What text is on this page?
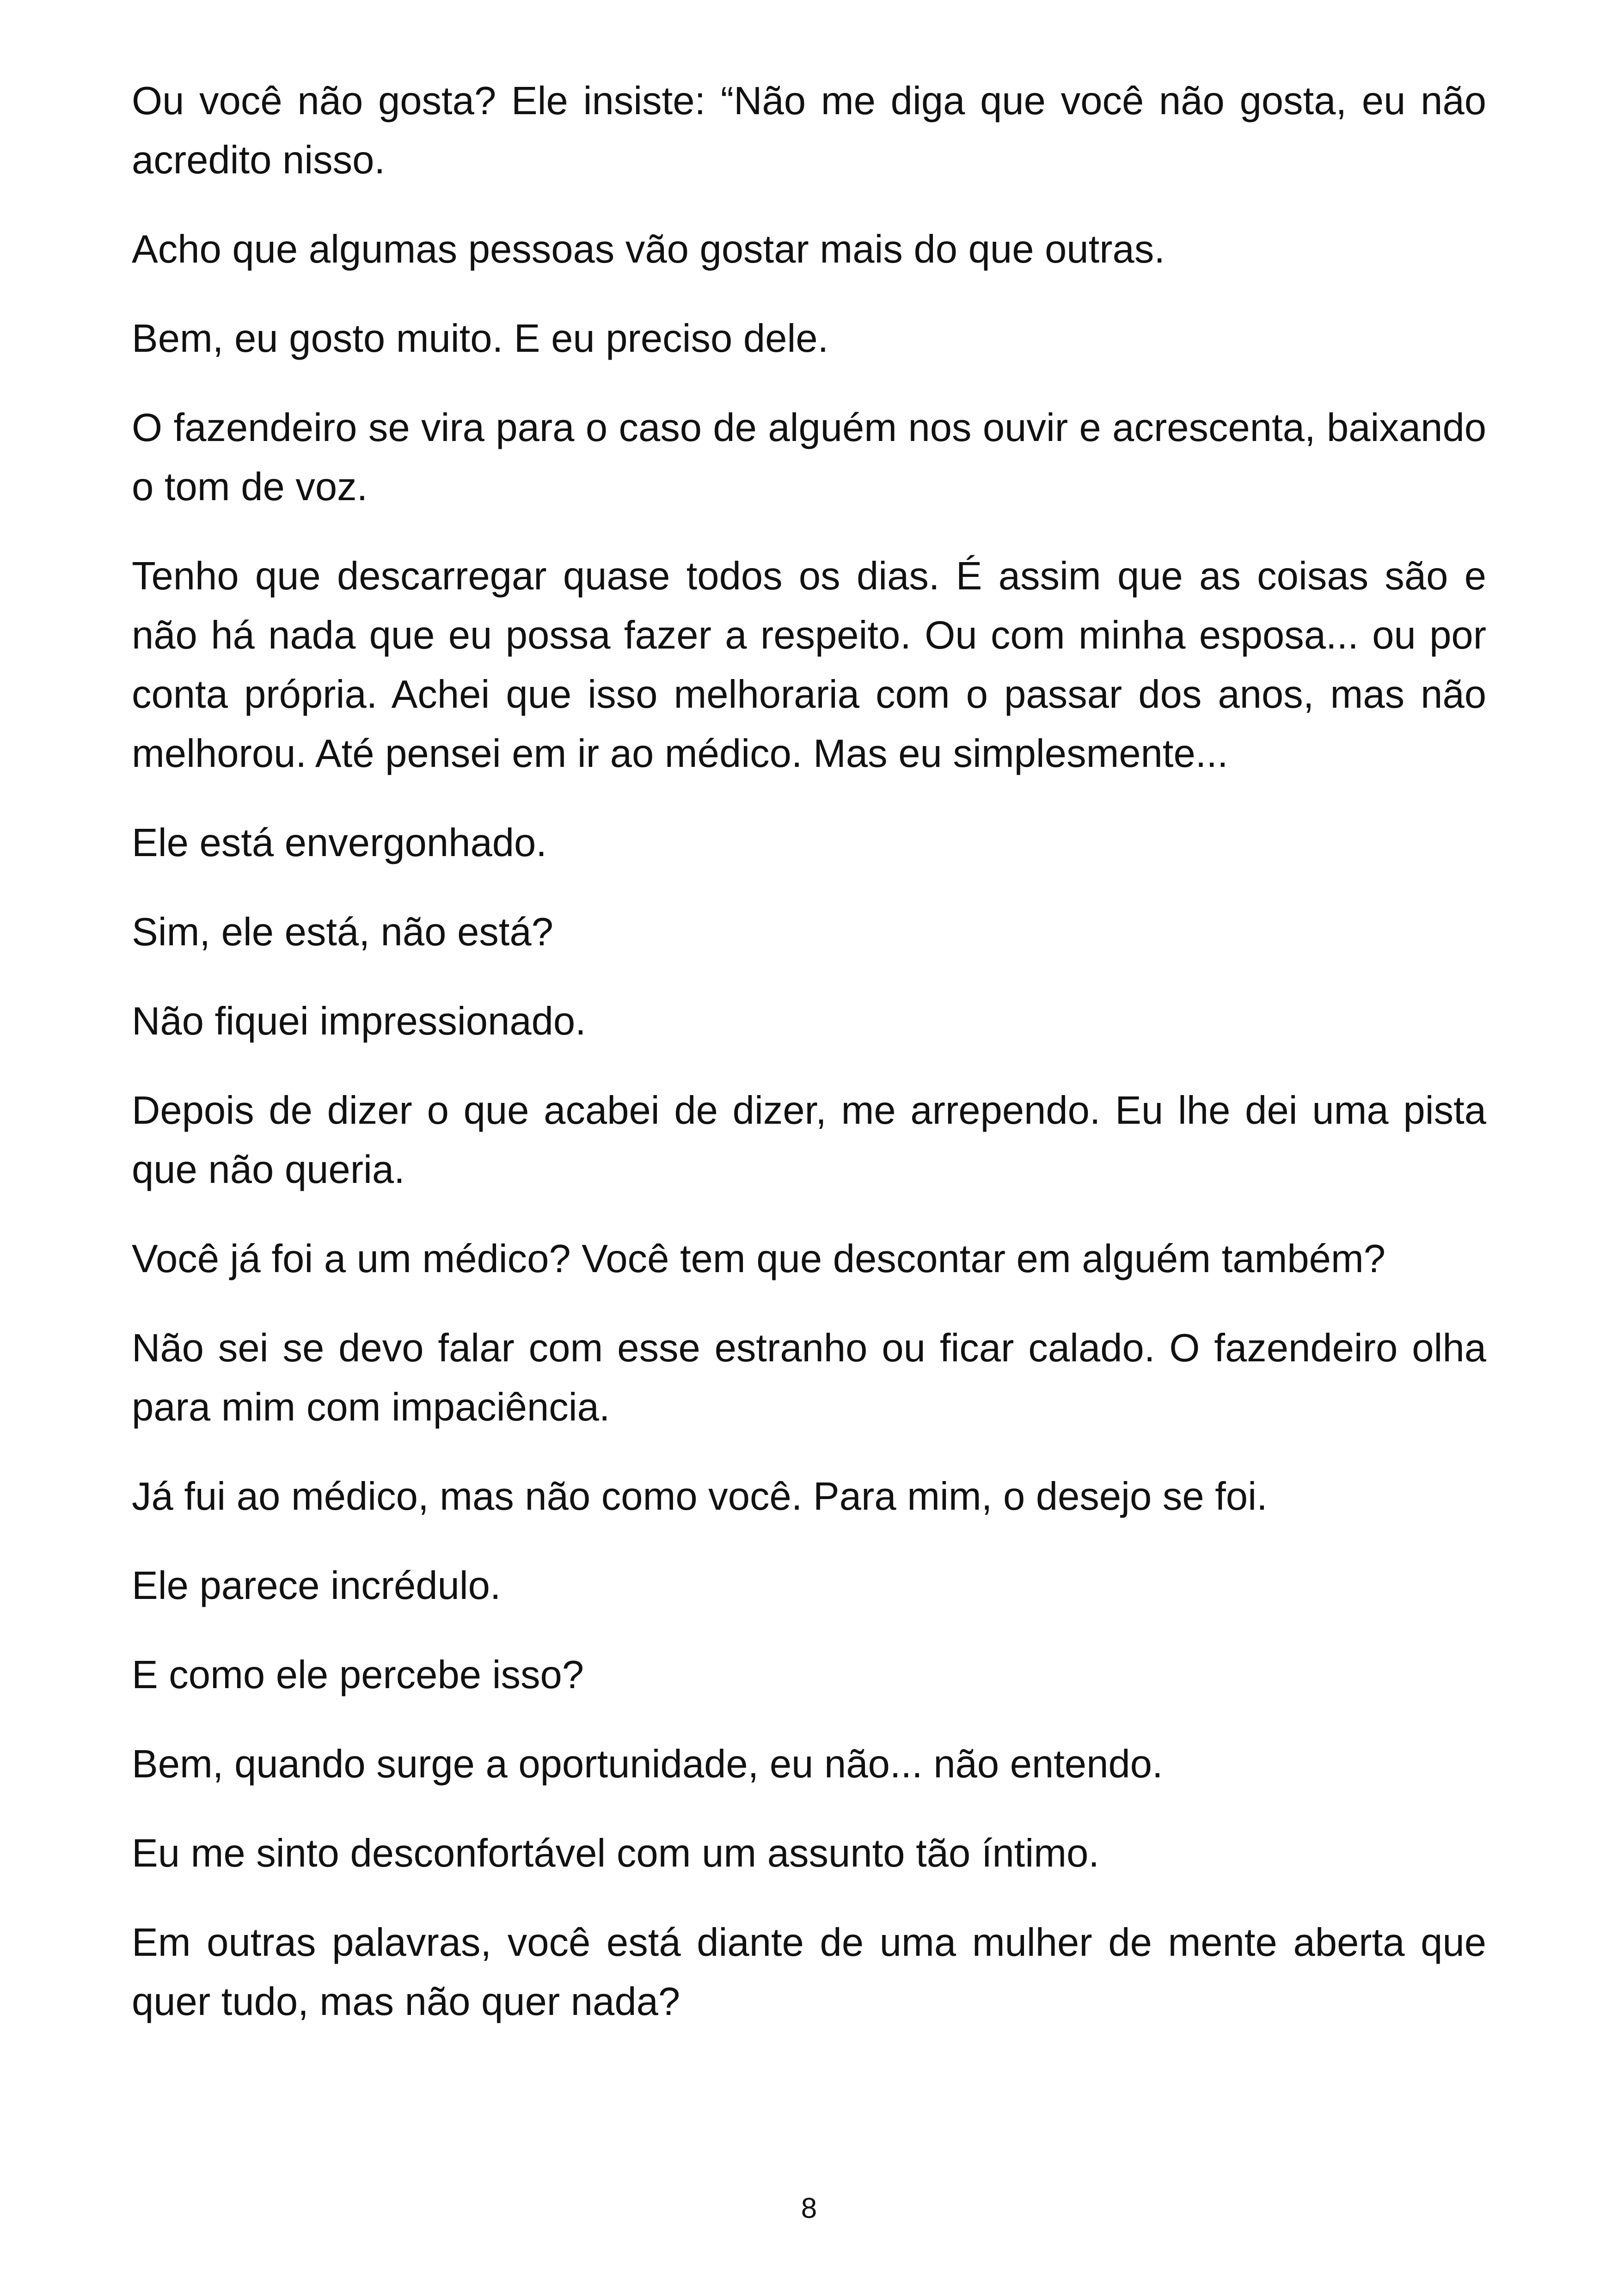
Ou você não gosta? Ele insiste: “Não me diga que você não gosta, eu não acredito nisso.

Acho que algumas pessoas vão gostar mais do que outras.

Bem, eu gosto muito. E eu preciso dele.

O fazendeiro se vira para o caso de alguém nos ouvir e acrescenta, baixando o tom de voz.

Tenho que descarregar quase todos os dias. É assim que as coisas são e não há nada que eu possa fazer a respeito. Ou com minha esposa... ou por conta própria. Achei que isso melhoraria com o passar dos anos, mas não melhorou. Até pensei em ir ao médico. Mas eu simplesmente...

Ele está envergonhado.

Sim, ele está, não está?

Não fiquei impressionado.

Depois de dizer o que acabei de dizer, me arrependo. Eu lhe dei uma pista que não queria.

Você já foi a um médico? Você tem que descontar em alguém também?

Não sei se devo falar com esse estranho ou ficar calado. O fazendeiro olha para mim com impaciência.

Já fui ao médico, mas não como você. Para mim, o desejo se foi.

Ele parece incrédulo.

E como ele percebe isso?

Bem, quando surge a oportunidade, eu não... não entendo.

Eu me sinto desconfortável com um assunto tão íntimo.

Em outras palavras, você está diante de uma mulher de mente aberta que quer tudo, mas não quer nada?

8
